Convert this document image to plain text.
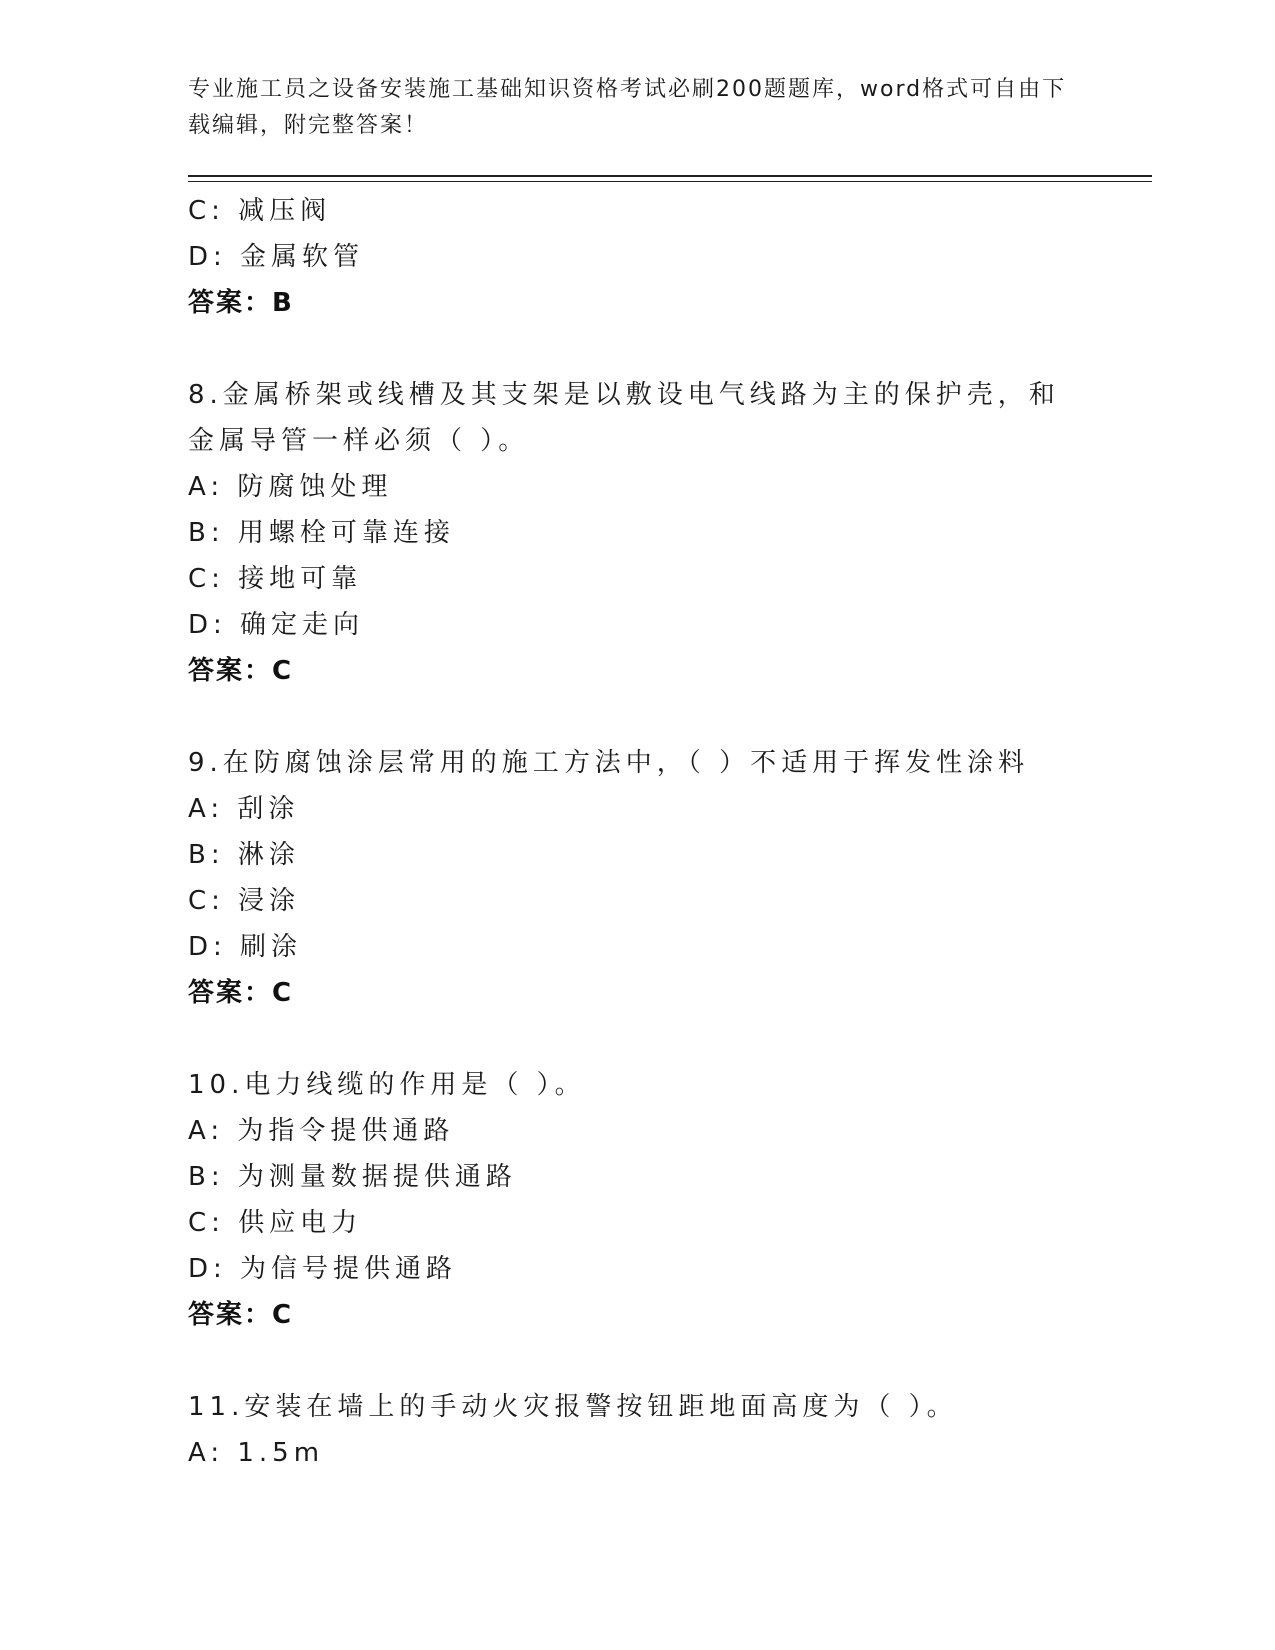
专业施工员之设备安装施工基础知识资格考试必刷200题题库，word格式可自由下载编辑，附完整答案！
C: 减压阀
D: 金属软管
答案：B
8.金属桥架或线槽及其支架是以敷设电气线路为主的保护壳，和金属导管一样必须（ ）。
A: 防腐蚀处理
B: 用螺栓可靠连接
C: 接地可靠
D: 确定走向
答案：C
9.在防腐蚀涂层常用的施工方法中，（ ）不适用于挥发性涂料
A: 刮涂
B: 淋涂
C: 浸涂
D: 刷涂
答案：C
10.电力线缆的作用是（ ）。
A: 为指令提供通路
B: 为测量数据提供通路
C: 供应电力
D: 为信号提供通路
答案：C
11.安装在墙上的手动火灾报警按钮距地面高度为（ ）。
A: 1.5m
